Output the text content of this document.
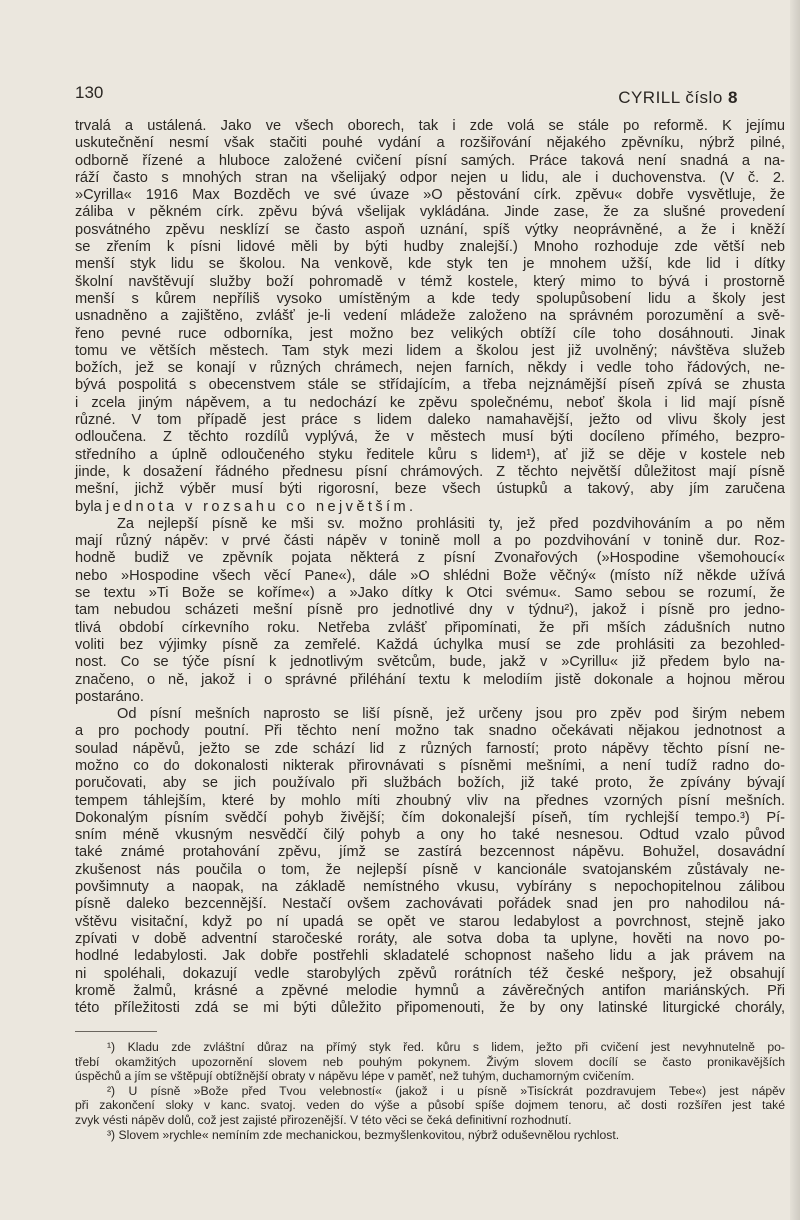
130	CYRILL číslo 8
trvalá a ustálená. Jako ve všech oborech, tak i zde volá se stále po reformě. K jejímu
uskutečnění nesmí však stačiti pouhé vydání a rozšiřování nějakého zpěvníku, nýbrž pilné,
odborně řízené a hluboce založené cvičení písní samých. Práce taková není snadná a na-
ráží často s mnohých stran na všelijaký odpor nejen u lidu, ale i duchovenstva. (V č. 2.
»Cyrilla« 1916 Max Bozděch ve své úvaze »O pěstování círk. zpěvu« dobře vysvětluje, že
záliba v pěkném círk. zpěvu bývá všelijak vykládána. Jinde zase, že za slušné provedení
posvátného zpěvu nesklízí se často aspoň uznání, spíš výtky neoprávněné, a že i kněží
se zřením k písni lidové měli by býti hudby znalejší.) Mnoho rozhoduje zde větší neb
menší styk lidu se školou. Na venkově, kde styk ten je mnohem užší, kde lid i dítky
školní navštěvují služby boží pohromadě v témž kostele, který mimo to bývá i prostorně
menší s kůrem nepříliš vysoko umístěným a kde tedy spolupůsobení lidu a školy jest
usnadněno a zajištěno, zvlášť je-li vedení mládeže založeno na správném porozumění a svě-
řeno pevné ruce odborníka, jest možno bez velikých obtíží cíle toho dosáhnouti. Jinak
tomu ve větších městech. Tam styk mezi lidem a školou jest již uvolněný; návštěva služeb
božích, jež se konají v různých chrámech, nejen farních, někdy i vedle toho řádových, ne-
bývá pospolitá s obecenstvem stále se střídajícím, a třeba nejznámější píseň zpívá se zhusta
i zcela jiným nápěvem, a tu nedochází ke zpěvu společnému, neboť škola i lid mají písně
různé. V tom případě jest práce s lidem daleko namahavější, ježto od vlivu školy jest
odloučena. Z těchto rozdílů vyplývá, že v městech musí býti docíleno přímého, bezpro-
středního a úplně odloučeného styku ředitele kůru s lidem¹), ať již se děje v kostele neb
jinde, k dosažení řádného přednesu písní chrámových. Z těchto největší důležitost mají písně
mešní, jichž výběr musí býti rigorosní, beze všech ústupků a takový, aby jím zaručena
byla jednota v rozsahu co největším.
Za nejlepší písně ke mši sv. možno prohlásiti ty, jež před pozdvihováním a po něm
mají různý nápěv: v prvé části nápěv v tonině moll a po pozdvihování v tonině dur. Roz-
hodně budiž ve zpěvník pojata některá z písní Zvonařových (»Hospodine všemohoucí«
nebo »Hospodine všech věcí Pane«), dále »O shlédni Bože věčný« (místo níž někde užívá
se textu »Ti Bože se koříme«) a »Jako dítky k Otci svému«. Samo sebou se rozumí, že
tam nebudou scházeti mešní písně pro jednotlivé dny v týdnu²), jakož i písně pro jedno-
tlivá období církevního roku. Netřeba zvlášť připomínati, že při mších zádušních nutno
voliti bez výjimky písně za zemřelé. Každá úchylka musí se zde prohlásiti za bezohled-
nost. Co se týče písní k jednotlivým světcům, bude, jakž v »Cyrillu« již předem bylo na-
značeno, o ně, jakož i o správné přiléhání textu k melodiím jistě dokonale a hojnou měrou
postaráno.
Od písní mešních naprosto se liší písně, jež určeny jsou pro zpěv pod širým nebem
a pro pochody poutní. Při těchto není možno tak snadno očekávati nějakou jednotnost a
soulad nápěvů, ježto se zde schází lid z různých farností; proto nápěvy těchto písní ne-
možno co do dokonalosti nikterak přirovnávati s písněmi mešními, a není tudíž radno do-
poručovati, aby se jich používalo při službách božích, již také proto, že zpívány bývají
tempem táhlejším, které by mohlo míti zhoubný vliv na přednes vzorných písní mešních.
Dokonalým písním svědčí pohyb živější; čím dokonalejší píseň, tím rychlejší tempo.³) Pí-
sním méně vkusným nesvědčí čilý pohyb a ony ho také nesnesou. Odtud vzalo původ
také známé protahování zpěvu, jímž se zastírá bezcennost nápěvu. Bohužel, dosavádní
zkušenost nás poučila o tom, že nejlepší písně v kancionále svatojanském zůstávaly ne-
povšimnuty a naopak, na základě nemístného vkusu, vybírány s nepochopitelnou zálibou
písně daleko bezcennější. Nestačí ovšem zachovávati pořádek snad jen pro nahodilou ná-
vštěvu visitační, když po ní upadá se opět ve starou ledabylost a povrchnost, stejně jako
zpívati v době adventní staročeské roráty, ale sotva doba ta uplyne, hověti na novo po-
hodlné ledabylosti. Jak dobře postřehli skladatelé schopnost našeho lidu a jak právem na
ni spoléhali, dokazují vedle starobylých zpěvů rorátních též české nešpory, jež obsahují
kromě žalmů, krásné a zpěvné melodie hymnů a závěrečných antifon mariánských. Při
této příležitosti zdá se mi býti důležito připomenouti, že by ony latinské liturgické chorály,
¹) Kladu zde zvláštní důraz na přímý styk řed. kůru s lidem, ježto při cvičení jest nevyhnutelně po-
třebí okamžitých upozornění slovem neb pouhým pokynem. Živým slovem docílí se často pronikavějších
úspěchů a jím se vštěpují obtížnější obraty v nápěvu lépe v paměť, než tuhým, duchamorným cvičením.
²) U písně »Bože před Tvou velebností« (jakož i u písně »Tisíckrát pozdravujem Tebe«) jest nápěv
při zakončení sloky v kanc. svatoj. veden do výše a působí spíše dojmem tenoru, ač dosti rozšířen jest také
zvyk vésti nápěv dolů, což jest zajisté přirozenější. V této věci se čeká definitivní rozhodnutí.
³) Slovem »rychle« nemíním zde mechanickou, bezmyšlenkovitou, nýbrž oduševnělou rychlost.
